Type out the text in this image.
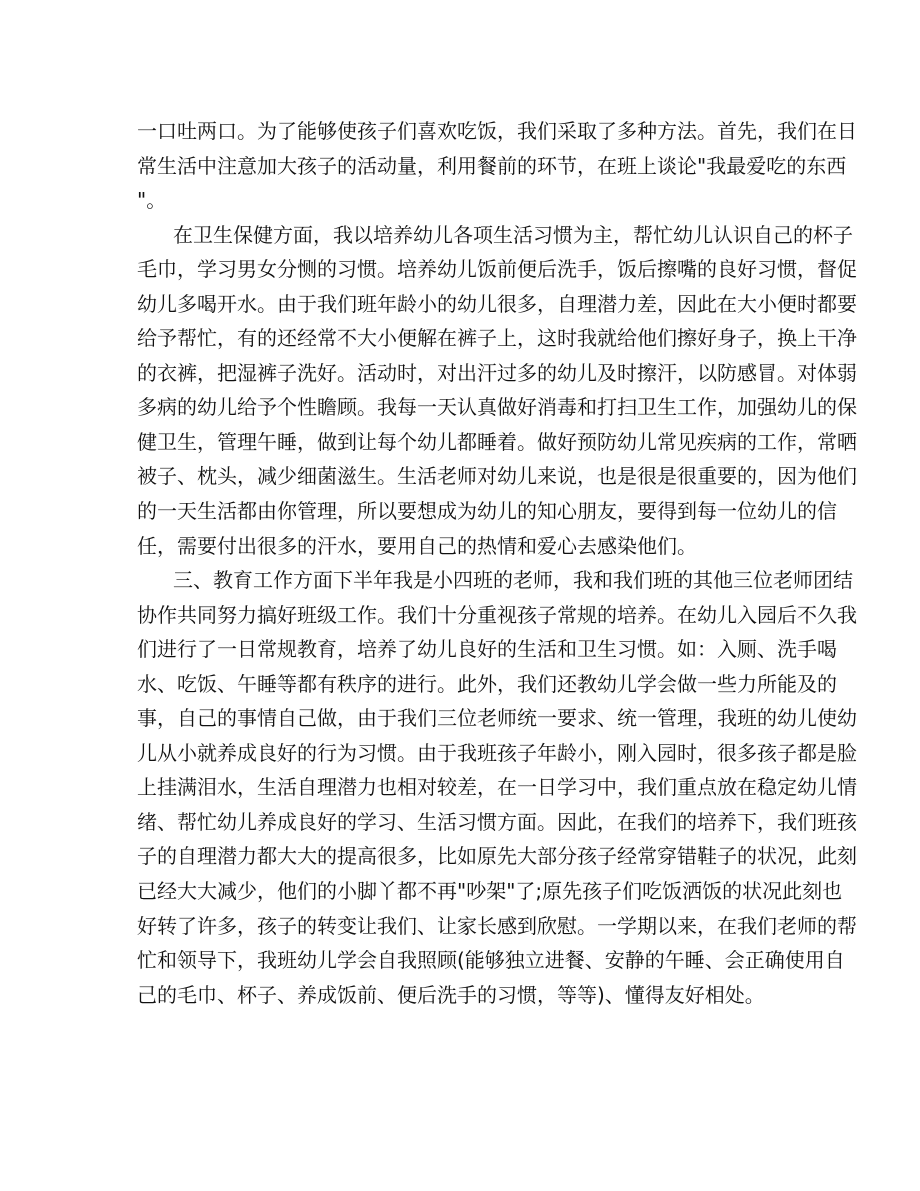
一口吐两口。为了能够使孩子们喜欢吃饭，我们采取了多种方法。首先，我们在日
常生活中注意加大孩子的活动量，利用餐前的环节，在班上谈论"我最爱吃的东西
"。
在卫生保健方面，我以培养幼儿各项生活习惯为主，帮忙幼儿认识自己的杯子
毛巾，学习男女分恻的习惯。培养幼儿饭前便后洗手，饭后擦嘴的良好习惯，督促
幼儿多喝开水。由于我们班年龄小的幼儿很多，自理潜力差，因此在大小便时都要
给予帮忙，有的还经常不大小便解在裤子上，这时我就给他们擦好身子，换上干净
的衣裤，把湿裤子洗好。活动时，对出汗过多的幼儿及时擦汗，以防感冒。对体弱
多病的幼儿给予个性瞻顾。我每一天认真做好消毒和打扫卫生工作，加强幼儿的保
健卫生，管理午睡，做到让每个幼儿都睡着。做好预防幼儿常见疾病的工作，常晒
被子、枕头，减少细菌滋生。生活老师对幼儿来说，也是很是很重要的，因为他们
的一天生活都由你管理，所以要想成为幼儿的知心朋友，要得到每一位幼儿的信
任，需要付出很多的汗水，要用自己的热情和爱心去感染他们。
三、教育工作方面下半年我是小四班的老师，我和我们班的其他三位老师团结
协作共同努力搞好班级工作。我们十分重视孩子常规的培养。在幼儿入园后不久我
们进行了一日常规教育，培养了幼儿良好的生活和卫生习惯。如：入厕、洗手喝
水、吃饭、午睡等都有秩序的进行。此外，我们还教幼儿学会做一些力所能及的
事，自己的事情自己做，由于我们三位老师统一要求、统一管理，我班的幼儿使幼
儿从小就养成良好的行为习惯。由于我班孩子年龄小，刚入园时，很多孩子都是脸
上挂满泪水，生活自理潜力也相对较差，在一日学习中，我们重点放在稳定幼儿情
绪、帮忙幼儿养成良好的学习、生活习惯方面。因此，在我们的培养下，我们班孩
子的自理潜力都大大的提高很多，比如原先大部分孩子经常穿错鞋子的状况，此刻
已经大大减少，他们的小脚丫都不再"吵架"了;原先孩子们吃饭洒饭的状况此刻也
好转了许多，孩子的转变让我们、让家长感到欣慰。一学期以来，在我们老师的帮
忙和领导下，我班幼儿学会自我照顾(能够独立进餐、安静的午睡、会正确使用自
己的毛巾、杯子、养成饭前、便后洗手的习惯，等等)、懂得友好相处。
